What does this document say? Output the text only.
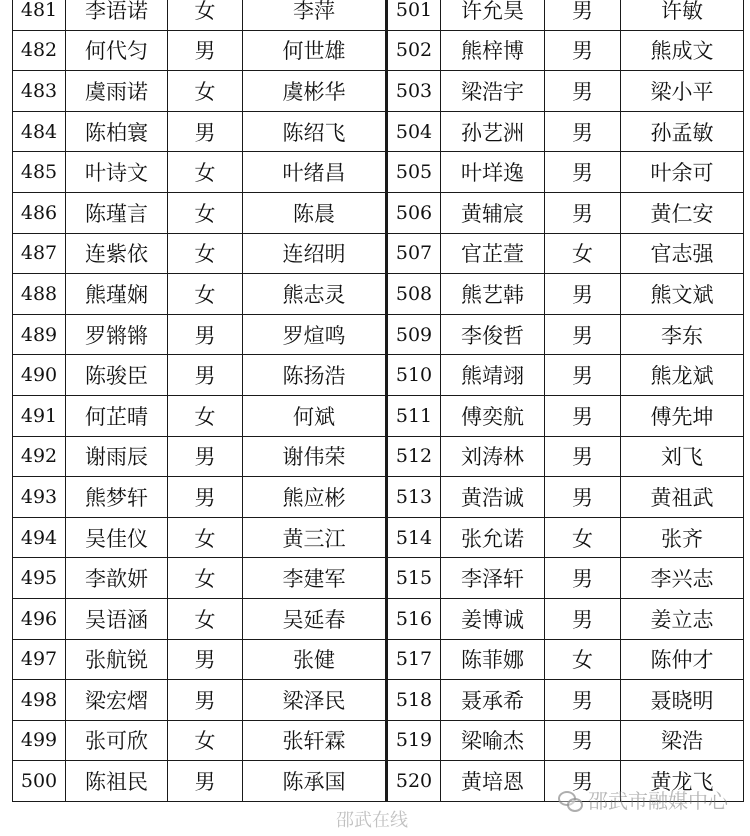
481	李语诺	女	李萍	501	许允昊	男	许敏
482	何代匀	男	何世雄	502	熊梓博	男	熊成文
483	虞雨诺	女	虞彬华	503	梁浩宇	男	梁小平
484	陈柏寰	男	陈绍飞	504	孙艺洲	男	孙孟敏
485	叶诗文	女	叶绪昌	505	叶垟逸	男	叶余可
486	陈瑾言	女	陈晨	506	黄辅宸	男	黄仁安
487	连紫依	女	连绍明	507	官芷萱	女	官志强
488	熊瑾娴	女	熊志灵	508	熊艺韩	男	熊文斌
489	罗锵锵	男	罗煊鸣	509	李俊哲	男	李东
490	陈骏臣	男	陈扬浩	510	熊靖翊	男	熊龙斌
491	何芷晴	女	何斌	511	傅奕航	男	傅先坤
492	谢雨辰	男	谢伟荣	512	刘涛林	男	刘飞
493	熊梦轩	男	熊应彬	513	黄浩诚	男	黄祖武
494	吴佳仪	女	黄三江	514	张允诺	女	张齐
495	李歆妍	女	李建军	515	李泽轩	男	李兴志
496	吴语涵	女	吴延春	516	姜博诚	男	姜立志
497	张航锐	男	张健	517	陈菲娜	女	陈仲才
498	梁宏熠	男	梁泽民	518	聂承希	男	聂晓明
499	张可欣	女	张轩霖	519	梁喻杰	男	梁浩
500	陈祖民	男	陈承国	520	黄培恩	男	黄龙飞
邵武市融媒中心
邵武在线
